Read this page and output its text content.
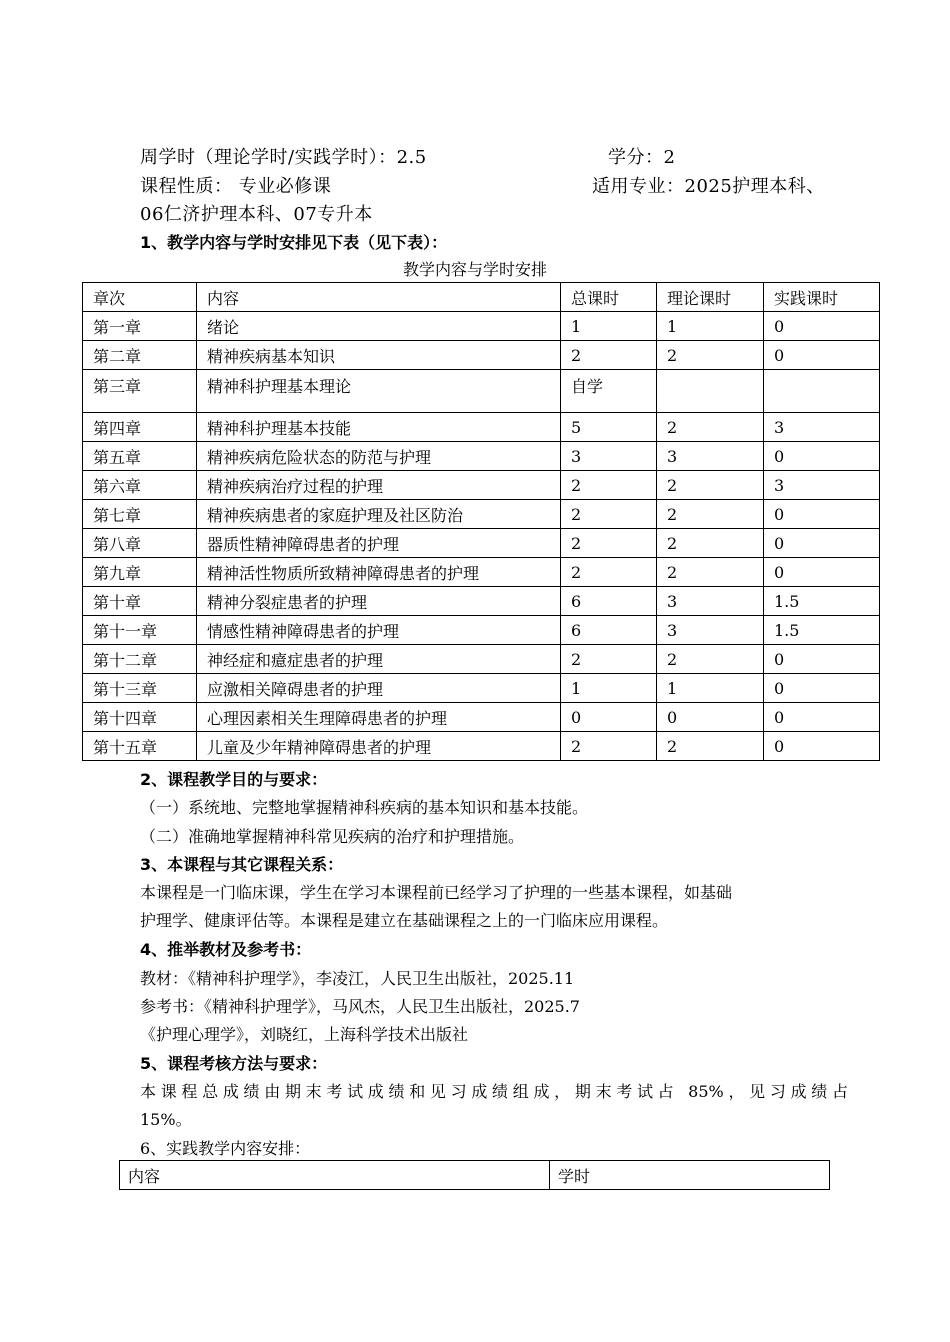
周学时（理论学时/实践学时）：2.5	学分：2
课程性质： 专业必修课	适用专业：2025护理本科、
06仁济护理本科、07专升本
1、教学内容与学时安排见下表（见下表）：
教学内容与学时安排
章次	内容	总课时	理论课时	实践课时
第一章	绪论	1	1	0
第二章	精神疾病基本知识	2	2	0
第三章	精神科护理基本理论	自学		
第四章	精神科护理基本技能	5	2	3
第五章	精神疾病危险状态的防范与护理	3	3	0
第六章	精神疾病治疗过程的护理	2	2	3
第七章	精神疾病患者的家庭护理及社区防治	2	2	0
第八章	器质性精神障碍患者的护理	2	2	0
第九章	精神活性物质所致精神障碍患者的护理	2	2	0
第十章	精神分裂症患者的护理	6	3	1.5
第十一章	情感性精神障碍患者的护理	6	3	1.5
第十二章	神经症和癔症患者的护理	2	2	0
第十三章	应激相关障碍患者的护理	1	1	0
第十四章	心理因素相关生理障碍患者的护理	0	0	0
第十五章	儿童及少年精神障碍患者的护理	2	2	0
2、课程教学目的与要求：
（一）系统地、完整地掌握精神科疾病的基本知识和基本技能。
（二）准确地掌握精神科常见疾病的治疗和护理措施。
3、本课程与其它课程关系：
本课程是一门临床课，学生在学习本课程前已经学习了护理的一些基本课程，如基础
护理学、健康评估等。本课程是建立在基础课程之上的一门临床应用课程。
4、推举教材及参考书：
教材：《精神科护理学》，李凌江，人民卫生出版社，2025.11
参考书：《精神科护理学》，马风杰，人民卫生出版社，2025.7
《护理心理学》，刘晓红，上海科学技术出版社
5、课程考核方法与要求：
本课程总成绩由期末考试成绩和见习成绩组成，期末考试占 85%，见习成绩占
15%。
6、实践教学内容安排：
内容	学时
